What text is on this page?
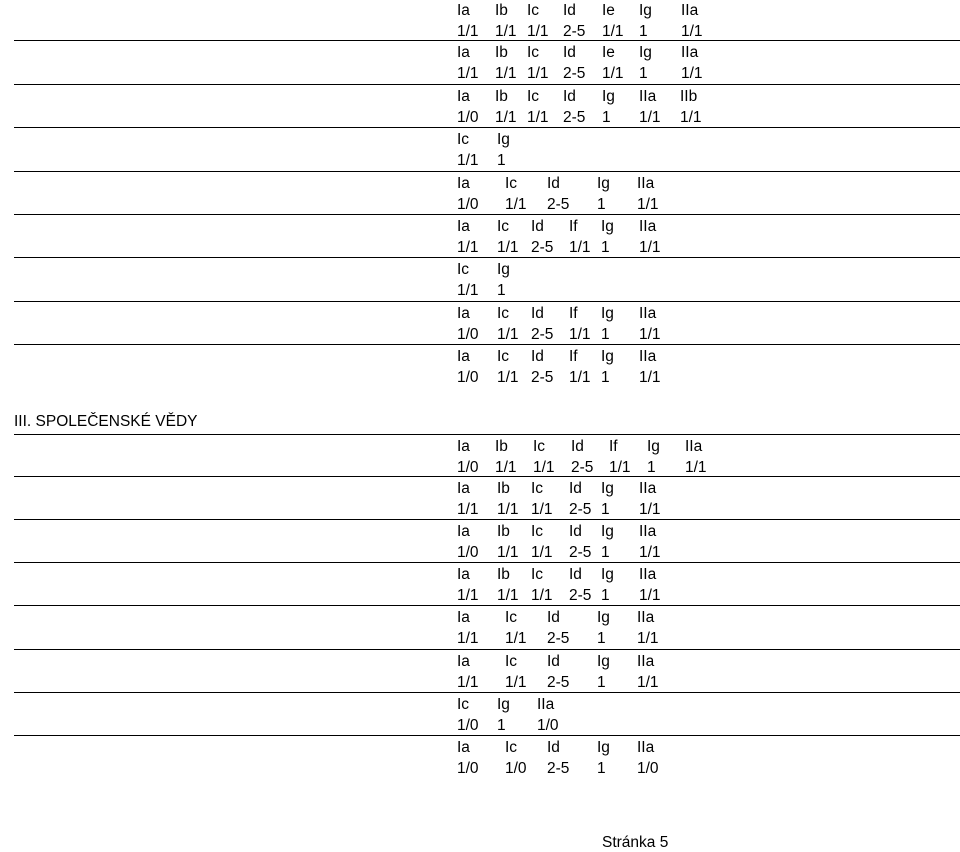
Ia Ib Ic Id Ie Ig IIa
1/1 1/1 1/1 2-5 1/1 1 1/1
Ia Ib Ic Id Ie Ig IIa
1/1 1/1 1/1 2-5 1/1 1 1/1
Ia Ib Ic Id Ig IIa IIb
1/0 1/1 1/1 2-5 1 1/1 1/1
Ic Ig
1/1 1
Ia Ic Id Ig IIa
1/0 1/1 2-5 1 1/1
Ia Ic Id If Ig IIa
1/1 1/1 2-5 1/1 1 1/1
Ic Ig
1/1 1
Ia Ic Id If Ig IIa
1/0 1/1 2-5 1/1 1 1/1
Ia Ic Id If Ig IIa
1/0 1/1 2-5 1/1 1 1/1
Ia Ib Ic Id If Ig IIa
1/0 1/1 1/1 2-5 1/1 1 1/1
Ia Ib Ic Id Ig IIa
1/1 1/1 1/1 2-5 1 1/1
Ia Ib Ic Id Ig IIa
1/0 1/1 1/1 2-5 1 1/1
Ia Ib Ic Id Ig IIa
1/1 1/1 1/1 2-5 1 1/1
Ia Ic Id Ig IIa
1/1 1/1 2-5 1 1/1
Ia Ic Id Ig IIa
1/1 1/1 2-5 1 1/1
Ic Ig IIa
1/0 1 1/0
Ia Ic Id Ig IIa
1/0 1/0 2-5 1 1/0
III. SPOLEČENSKÉ VĚDY
Stránka 5
